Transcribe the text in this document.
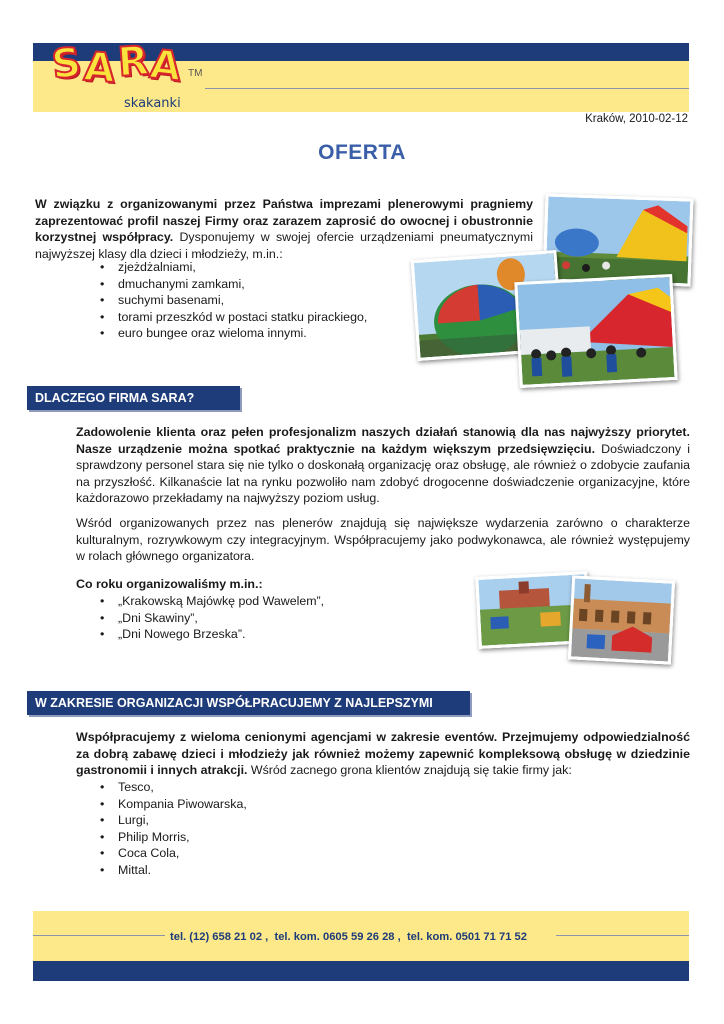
S A R
A TM
skakanki
Kraków, 2010-02-12
OFERTA
W związku z organizowanymi przez Państwa imprezami plenerowymi pragniemy zaprezentować profil naszej Firmy oraz zarazem zaprosić do owocnej i obustronnie korzystnej współpracy. Dysponujemy w swojej ofercie urządzeniami pneumatycznymi najwyższej klasy dla dzieci i młodzieży, m.in.:
• zjeżdżalniami,
• dmuchanymi zamkami,
• suchymi basenami,
• torami przeszkód w postaci statku pirackiego,
• euro bungee oraz wieloma innymi.
DLACZEGO FIRMA SARA?
Zadowolenie klienta oraz pełen profesjonalizm naszych działań stanowią dla nas najwyższy priorytet. Nasze urządzenie można spotkać praktycznie na każdym większym przedsięwzięciu. Doświadczony i sprawdzony personel stara się nie tylko o doskonałą organizację oraz obsługę, ale również o zdobycie zaufania na przyszłość. Kilkanaście lat na rynku pozwoliło nam zdobyć drogocenne doświadczenie organizacyjne, które każdorazowo przekładamy na najwyższy poziom usług.
Wśród organizowanych przez nas plenerów znajdują się największe wydarzenia zarówno o charakterze kulturalnym, rozrywkowym czy integracyjnym. Współpracujemy jako podwykonawca, ale również występujemy w rolach głównego organizatora.
Co roku organizowaliśmy m.in.:
• „Krakowską Majówkę pod Wawelem”,
• „Dni Skawiny”,
• „Dni Nowego Brzeska”.
W ZAKRESIE ORGANIZACJI WSPÓŁPRACUJEMY Z NAJLEPSZYMI
Współpracujemy z wieloma cenionymi agencjami w zakresie eventów. Przejmujemy odpowiedzialność za dobrą zabawę dzieci i młodzieży jak również możemy zapewnić kompleksową obsługę w dziedzinie gastronomii i innych atrakcji. Wśród zacnego grona klientów znajdują się takie firmy jak:
• Tesco,
• Kompania Piwowarska,
• Lurgi,
• Philip Morris,
• Coca Cola,
• Mittal.
tel. (12) 658 21 02 ,  tel. kom. 0605 59 26 28 ,  tel. kom. 0501 71 71 52
